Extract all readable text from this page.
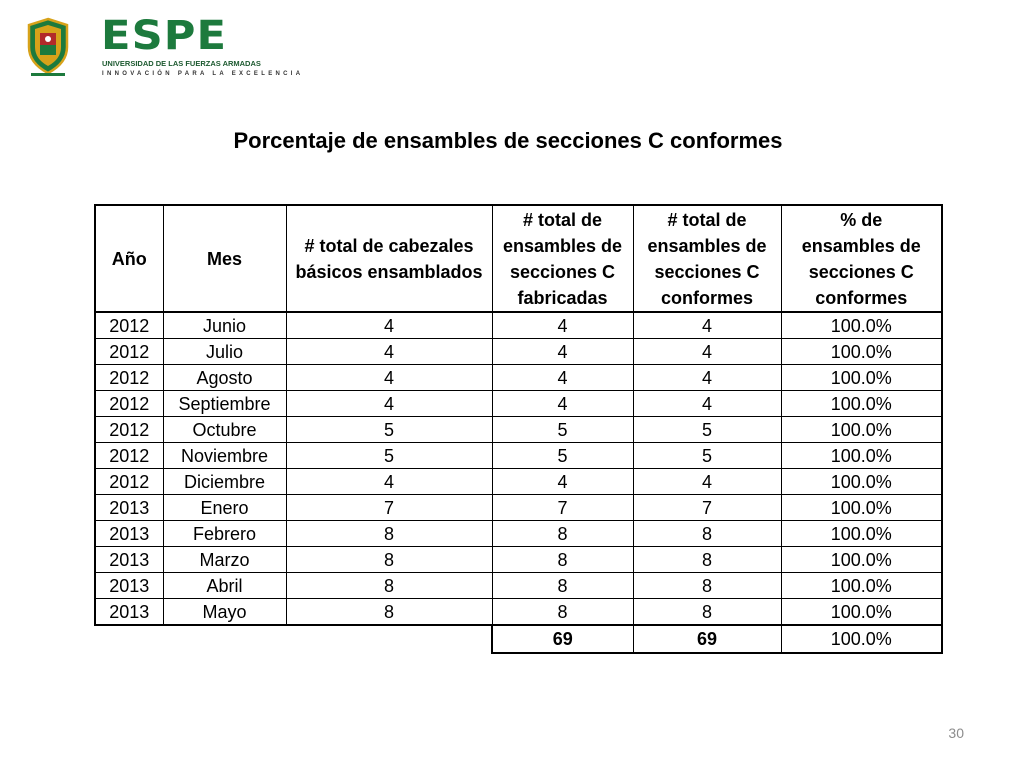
ESPE
UNIVERSIDAD DE LAS FUERZAS ARMADAS
INNOVACIÓN PARA LA EXCELENCIA
Porcentaje de ensambles de secciones C conformes
Año	Mes	# total de cabezales básicos ensamblados	# total de ensambles de secciones C fabricadas	# total de ensambles de secciones C conformes	% de ensambles de secciones C conformes
2012	Junio	4	4	4	100.0%
2012	Julio	4	4	4	100.0%
2012	Agosto	4	4	4	100.0%
2012	Septiembre	4	4	4	100.0%
2012	Octubre	5	5	5	100.0%
2012	Noviembre	5	5	5	100.0%
2012	Diciembre	4	4	4	100.0%
2013	Enero	7	7	7	100.0%
2013	Febrero	8	8	8	100.0%
2013	Marzo	8	8	8	100.0%
2013	Abril	8	8	8	100.0%
2013	Mayo	8	8	8	100.0%
			69	69	100.0%
30
